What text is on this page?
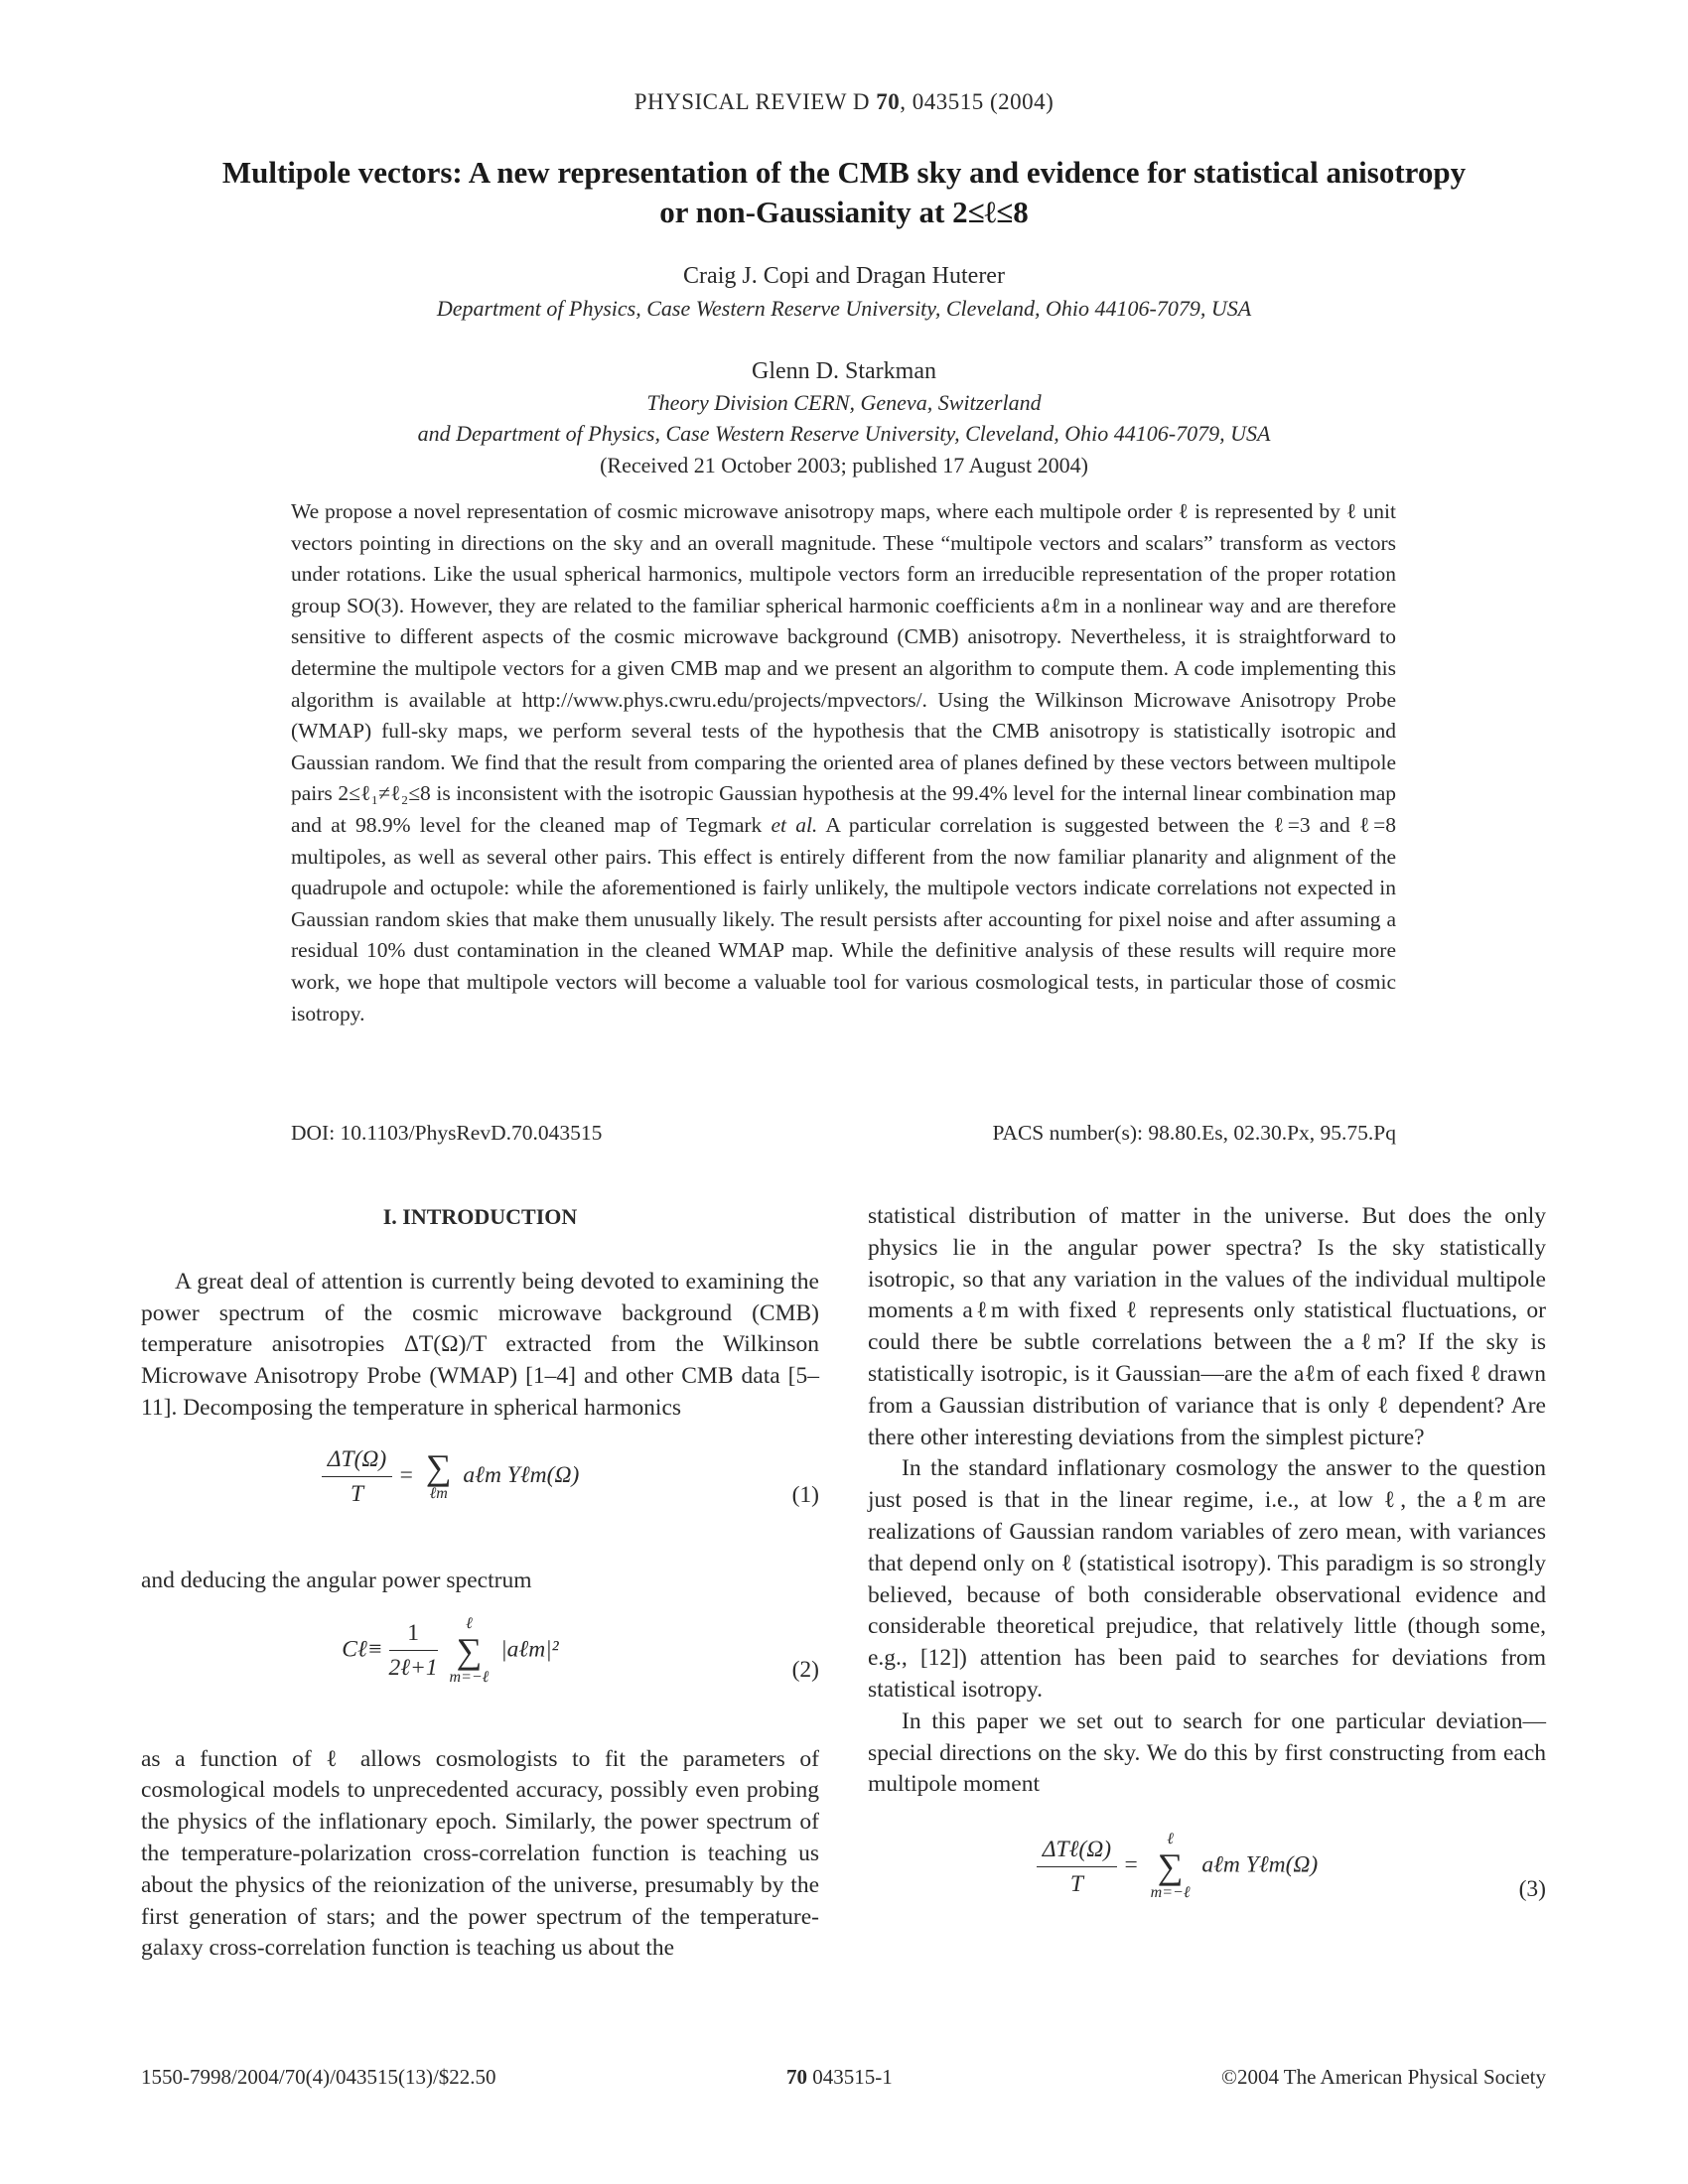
PHYSICAL REVIEW D 70, 043515 (2004)
Multipole vectors: A new representation of the CMB sky and evidence for statistical anisotropy
or non-Gaussianity at 2≤ℓ≤8
Craig J. Copi and Dragan Huterer
Department of Physics, Case Western Reserve University, Cleveland, Ohio 44106-7079, USA
Glenn D. Starkman
Theory Division CERN, Geneva, Switzerland
and Department of Physics, Case Western Reserve University, Cleveland, Ohio 44106-7079, USA
(Received 21 October 2003; published 17 August 2004)
We propose a novel representation of cosmic microwave anisotropy maps, where each multipole order ℓ is represented by ℓ unit vectors pointing in directions on the sky and an overall magnitude. These “multipole vectors and scalars” transform as vectors under rotations. Like the usual spherical harmonics, multipole vectors form an irreducible representation of the proper rotation group SO(3). However, they are related to the familiar spherical harmonic coefficients aℓm in a nonlinear way and are therefore sensitive to different aspects of the cosmic microwave background (CMB) anisotropy. Nevertheless, it is straightforward to determine the multipole vectors for a given CMB map and we present an algorithm to compute them. A code implementing this algorithm is available at http://www.phys.cwru.edu/projects/mpvectors/. Using the Wilkinson Microwave Anisotropy Probe (WMAP) full-sky maps, we perform several tests of the hypothesis that the CMB anisotropy is statistically isotropic and Gaussian random. We find that the result from comparing the oriented area of planes defined by these vectors between multipole pairs 2≤ℓ₁≠ℓ₂≤8 is inconsistent with the isotropic Gaussian hypothesis at the 99.4% level for the internal linear combination map and at 98.9% level for the cleaned map of Tegmark et al. A particular correlation is suggested between the ℓ=3 and ℓ=8 multipoles, as well as several other pairs. This effect is entirely different from the now familiar planarity and alignment of the quadrupole and octupole: while the aforementioned is fairly unlikely, the multipole vectors indicate correlations not expected in Gaussian random skies that make them unusually likely. The result persists after accounting for pixel noise and after assuming a residual 10% dust contamination in the cleaned WMAP map. While the definitive analysis of these results will require more work, we hope that multipole vectors will become a valuable tool for various cosmological tests, in particular those of cosmic isotropy.
DOI: 10.1103/PhysRevD.70.043515	PACS number(s): 98.80.Es, 02.30.Px, 95.75.Pq

I. INTRODUCTION

A great deal of attention is currently being devoted to examining the power spectrum of the cosmic microwave background (CMB) temperature anisotropies ΔT(Ω)/T extracted from the Wilkinson Microwave Anisotropy Probe (WMAP) [1–4] and other CMB data [5–11]. Decomposing the temperature in spherical harmonics

$\frac{\Delta T(\Omega)}{T}$ = ∑
ℓm
aℓm Yℓm(Ω)
(1)

and deducing the angular power spectrum

Cℓ≡ $\frac{1}{\text{2ℓ+1}}$
	ℓ
∑
m=−ℓ
|aℓm|²
(2)

as a function of ℓ allows cosmologists to fit the parameters of cosmological models to unprecedented accuracy, possibly even probing the physics of the inflationary epoch. Similarly, the power spectrum of the temperature-polarization cross-correlation function is teaching us about the physics of the reionization of the universe, presumably by the first generation of stars; and the power spectrum of the temperature-galaxy cross-correlation function is teaching us about the

statistical distribution of matter in the universe. But does the only physics lie in the angular power spectra? Is the sky statistically isotropic, so that any variation in the values of the individual multipole moments aℓm with fixed ℓ represents only statistical fluctuations, or could there be subtle correlations between the aℓm? If the sky is statistically isotropic, is it Gaussian—are the aℓm of each fixed ℓ drawn from a Gaussian distribution of variance that is only ℓ dependent? Are there other interesting deviations from the simplest picture?

In the standard inflationary cosmology the answer to the question just posed is that in the linear regime, i.e., at low ℓ, the aℓm are realizations of Gaussian random variables of zero mean, with variances that depend only on ℓ (statistical isotropy). This paradigm is so strongly believed, because of both considerable observational evidence and considerable theoretical prejudice, that relatively little (though some, e.g., [12]) attention has been paid to searches for deviations from statistical isotropy.

In this paper we set out to search for one particular deviation—special directions on the sky. We do this by first constructing from each multipole moment

$\frac{\text{ΔTℓ(Ω)}}{T}$ =
ℓ
∑
m=−ℓ
aℓm Yℓm(Ω)
(3)
1550-7998/2004/70(4)/043515(13)/$22.50	70 043515-1	©2004 The American Physical Society
